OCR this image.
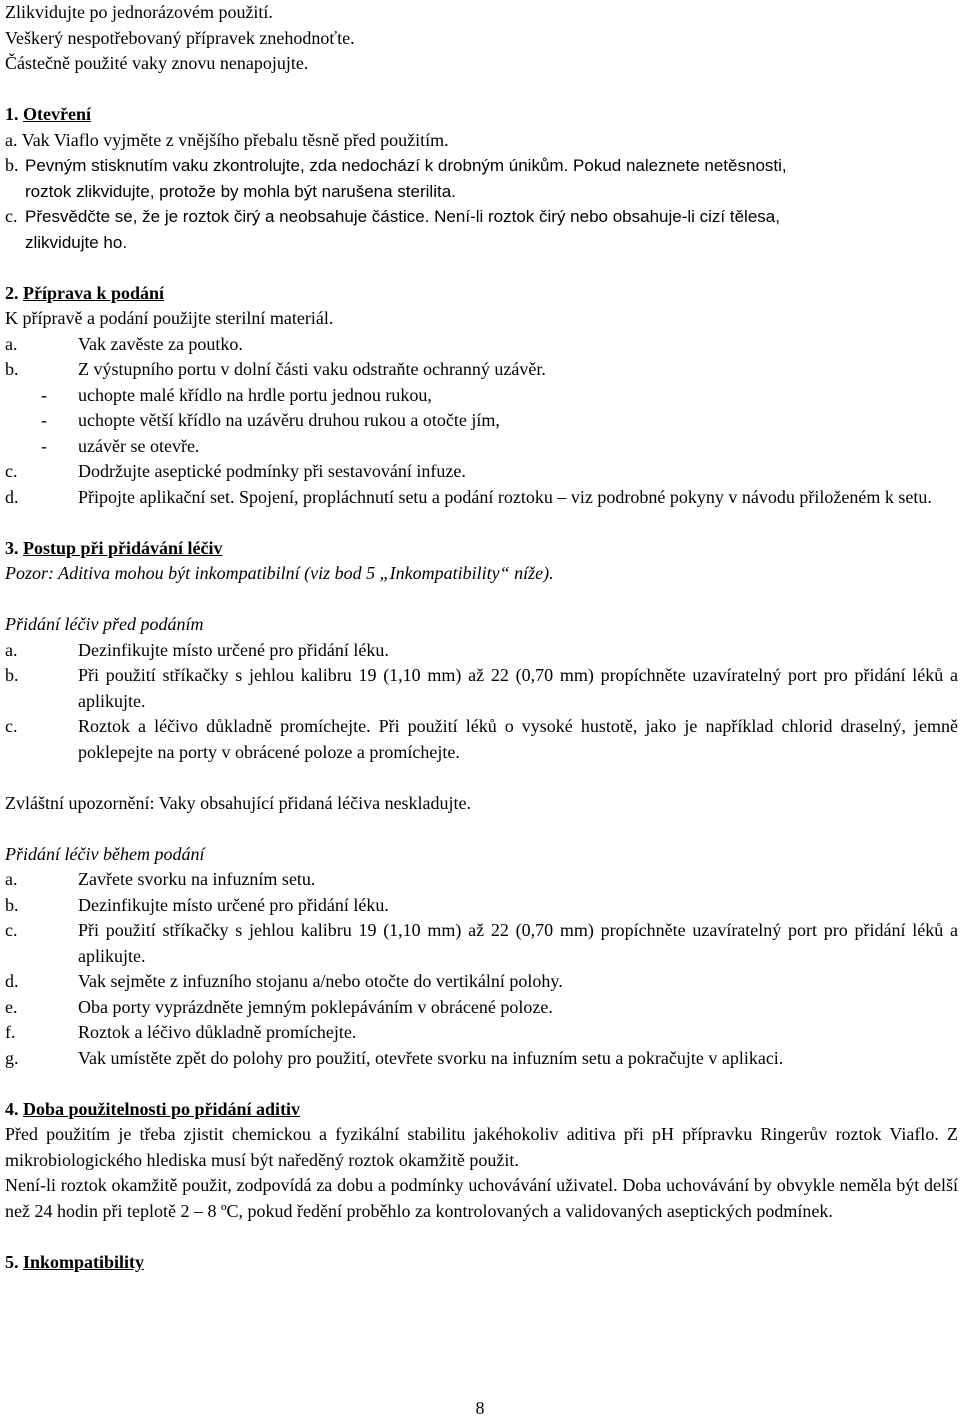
Zlikvidujte po jednorázovém použití.

Veškerý nespotřebovaný přípravek znehodnoťte.

Částečně použité vaky znovu nenapojujte.

1. Otevření

a. Vak Viaflo vyjměte z vnějšího přebalu těsně před použitím.

b. Pevným stisknutím vaku zkontrolujte, zda nedochází k drobným únikům. Pokud naleznete netěsnosti,
roztok zlikvidujte, protože by mohla být narušena sterilita.
c. Přesvědčte se, že je roztok čirý a neobsahuje částice. Není-li roztok čirý nebo obsahuje-li cizí tělesa,
zlikvidujte ho.

2. Příprava k podání

K přípravě a podání použijte sterilní materiál.

a.	Vak zavěste za poutko.
b.	Z výstupního portu v dolní části vaku odstraňte ochranný uzávěr.
- uchopte malé křídlo na hrdle portu jednou rukou,
- uchopte větší křídlo na uzávěru druhou rukou a otočte jím,
- uzávěr se otevře.
c.	Dodržujte aseptické podmínky při sestavování infuze.
d.	Připojte aplikační set. Spojení, propláchnutí setu a podání roztoku – viz podrobné pokyny v návodu přiloženém k setu.

3. Postup při přidávání léčiv

Pozor: Aditiva mohou být inkompatibilní (viz bod 5 „Inkompatibility“ níže).

Přidání léčiv před podáním

a.	Dezinfikujte místo určené pro přidání léku.
b.	Při použití stříkačky s jehlou kalibru 19 (1,10 mm) až 22 (0,70 mm) propíchněte uzavíratelný port pro přidání léků a aplikujte.
c.	Roztok a léčivo důkladně promíchejte. Při použití léků o vysoké hustotě, jako je například chlorid draselný, jemně poklepejte na porty v obrácené poloze a promíchejte.

Zvláštní upozornění: Vaky obsahující přidaná léčiva neskladujte.

Přidání léčiv během podání

a.	Zavřete svorku na infuzním setu.
b.	Dezinfikujte místo určené pro přidání léku.
c.	Při použití stříkačky s jehlou kalibru 19 (1,10 mm) až 22 (0,70 mm) propíchněte uzavíratelný port pro přidání léků a aplikujte.
d.	Vak sejměte z infuzního stojanu a/nebo otočte do vertikální polohy.
e.	Oba porty vyprázdněte jemným poklepáváním v obrácené poloze.
f.	Roztok a léčivo důkladně promíchejte.
g.	Vak umístěte zpět do polohy pro použití, otevřete svorku na infuzním setu a pokračujte v aplikaci.

4. Doba použitelnosti po přidání aditiv

Před použitím je třeba zjistit chemickou a fyzikální stabilitu jakéhokoliv aditiva při pH přípravku Ringerův roztok Viaflo. Z mikrobiologického hlediska musí být naředěný roztok okamžitě použit.

Není-li roztok okamžitě použit, zodpovídá za dobu a podmínky uchovávání uživatel. Doba uchovávání by obvykle neměla být delší než 24 hodin při teplotě 2 – 8 ºC, pokud ředění proběhlo za kontrolovaných a validovaných aseptických podmínek.

5. Inkompatibility

8
